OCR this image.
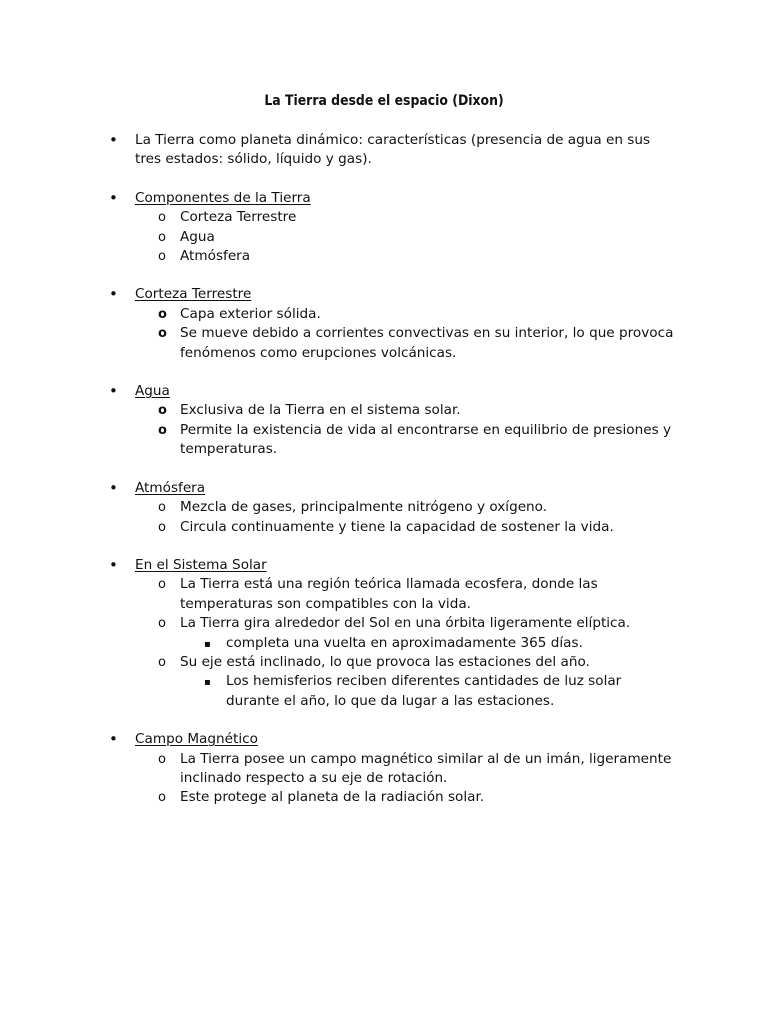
La Tierra desde el espacio (Dixon)
• La Tierra como planeta dinámico: características (presencia de agua en sus tres estados: sólido, líquido y gas).
• Componentes de la Tierra
o Corteza Terrestre
o Agua
o Atmósfera
• Corteza Terrestre
o Capa exterior sólida.
o Se mueve debido a corrientes convectivas en su interior, lo que provoca fenómenos como erupciones volcánicas.
• Agua
o Exclusiva de la Tierra en el sistema solar.
o Permite la existencia de vida al encontrarse en equilibrio de presiones y temperaturas.
• Atmósfera
o Mezcla de gases, principalmente nitrógeno y oxígeno.
o Circula continuamente y tiene la capacidad de sostener la vida.
• En el Sistema Solar
o La Tierra está una región teórica llamada ecosfera, donde las temperaturas son compatibles con la vida.
o La Tierra gira alrededor del Sol en una órbita ligeramente elíptica.
▪ completa una vuelta en aproximadamente 365 días.
o Su eje está inclinado, lo que provoca las estaciones del año.
▪ Los hemisferios reciben diferentes cantidades de luz solar durante el año, lo que da lugar a las estaciones.
• Campo Magnético
o La Tierra posee un campo magnético similar al de un imán, ligeramente inclinado respecto a su eje de rotación.
o Este protege al planeta de la radiación solar.
